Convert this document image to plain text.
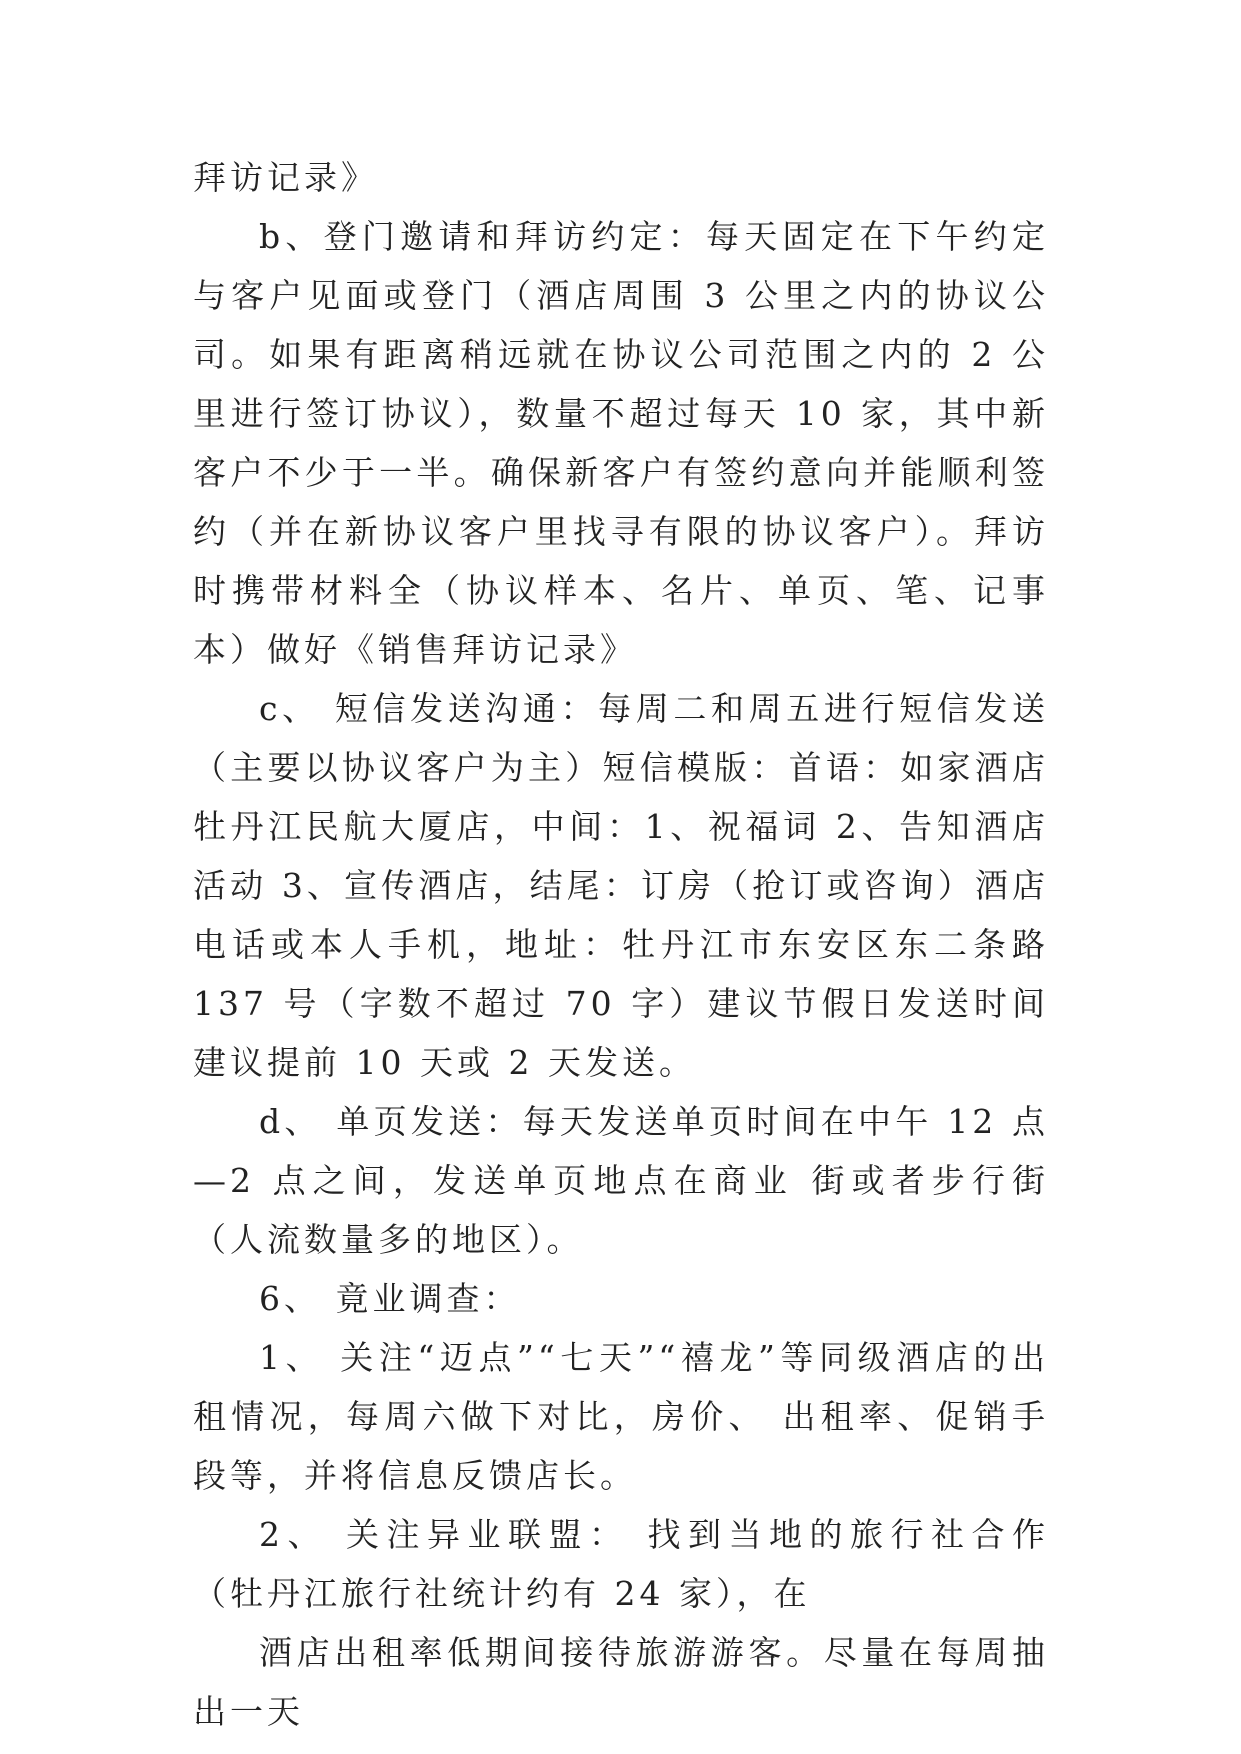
拜访记录》

b、登门邀请和拜访约定：每天固定在下午约定与客户见面或登门（酒店周围 3 公里之内的协议公司。如果有距离稍远就在协议公司范围之内的 2 公里进行签订协议），数量不超过每天 10 家，其中新客户不少于一半。确保新客户有签约意向并能顺利签约（并在新协议客户里找寻有限的协议客户）。拜访时携带材料全（协议样本、名片、单页、笔、记事本）做好《销售拜访记录》

c、 短信发送沟通：每周二和周五进行短信发送（主要以协议客户为主）短信模版：首语：如家酒店牡丹江民航大厦店，中间：1、祝福词 2、告知酒店活动 3、宣传酒店，结尾：订房（抢订或咨询）酒店电话或本人手机，地址：牡丹江市东安区东二条路 137 号（字数不超过 70 字）建议节假日发送时间建议提前 10 天或 2 天发送。

d、 单页发送：每天发送单页时间在中午 12 点—2 点之间，发送单页地点在商业 街或者步行街（人流数量多的地区）。

6、 竟业调查：

1、 关注“迈点”“七天”“禧龙”等同级酒店的出租情况，每周六做下对比，房价、 出租率、促销手段等，并将信息反馈店长。

2、 关注异业联盟： 找到当地的旅行社合作（牡丹江旅行社统计约有 24 家），在

酒店出租率低期间接待旅游游客。尽量在每周抽出一天
